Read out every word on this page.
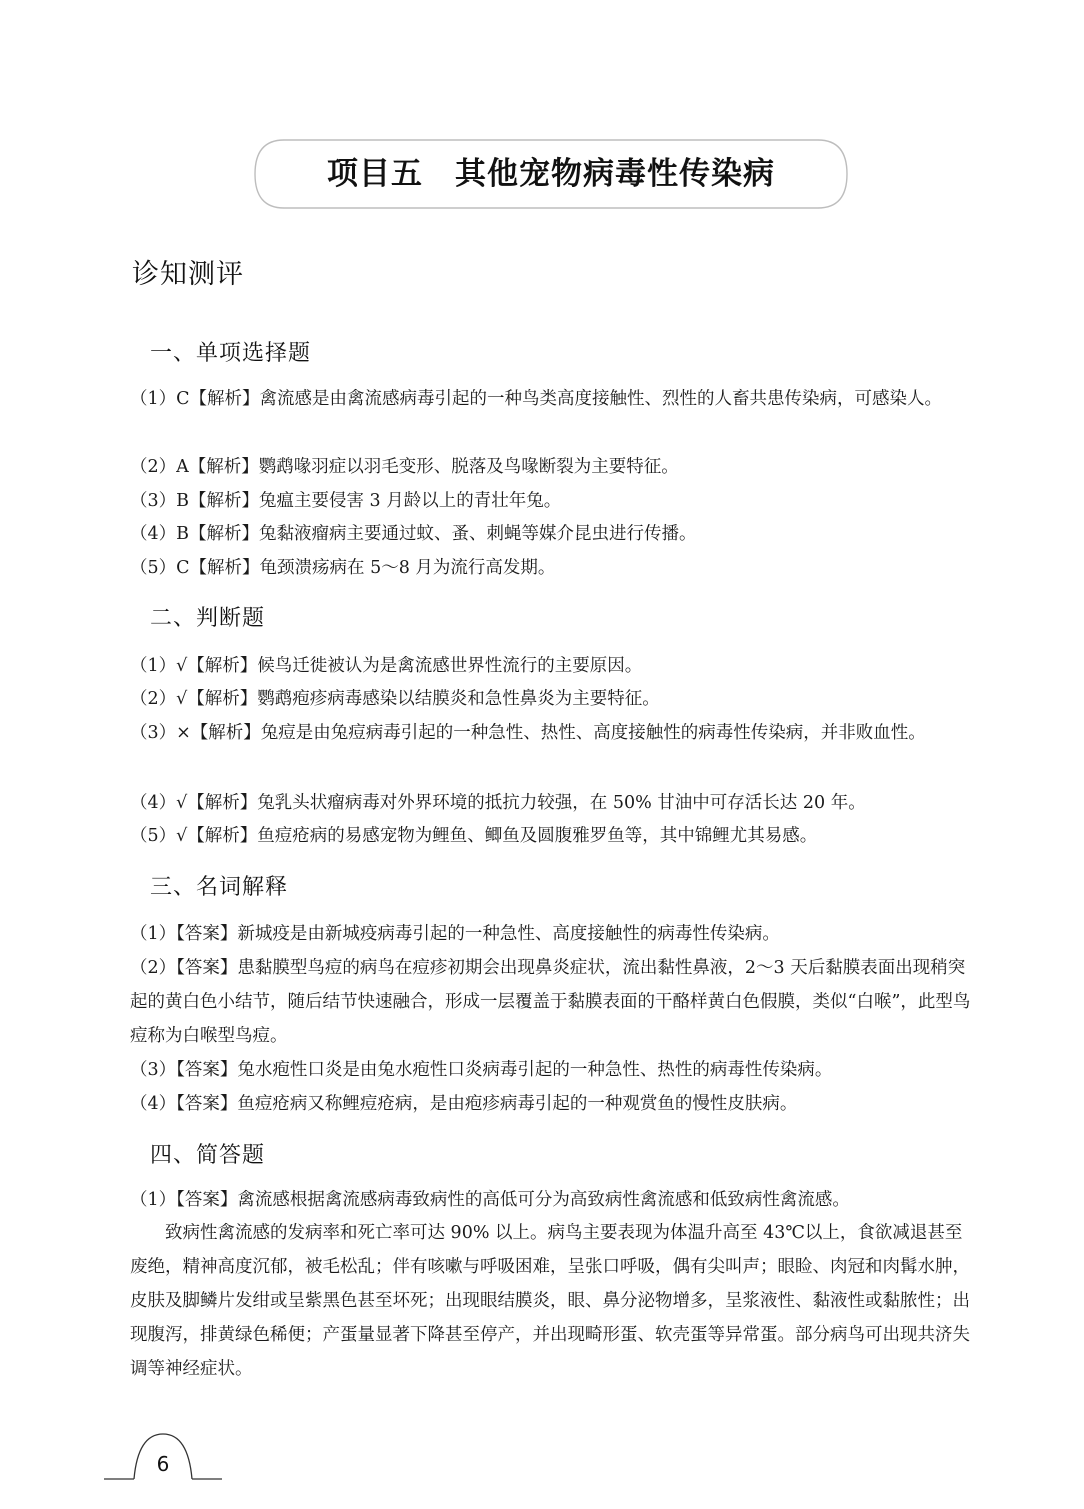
项目五　其他宠物病毒性传染病
诊知测评
一、单项选择题
（1）C【解析】禽流感是由禽流感病毒引起的一种鸟类高度接触性、烈性的人畜共患传染病，可感染人。
（2）A【解析】鹦鹉喙羽症以羽毛变形、脱落及鸟喙断裂为主要特征。
（3）B【解析】兔瘟主要侵害 3 月龄以上的青壮年兔。
（4）B【解析】兔黏液瘤病主要通过蚊、蚤、刺蝇等媒介昆虫进行传播。
（5）C【解析】龟颈溃疡病在 5～8 月为流行高发期。
二、判断题
（1）√【解析】候鸟迁徙被认为是禽流感世界性流行的主要原因。
（2）√【解析】鹦鹉疱疹病毒感染以结膜炎和急性鼻炎为主要特征。
（3）×【解析】兔痘是由兔痘病毒引起的一种急性、热性、高度接触性的病毒性传染病，并非败血性。
（4）√【解析】兔乳头状瘤病毒对外界环境的抵抗力较强，在 50% 甘油中可存活长达 20 年。
（5）√【解析】鱼痘疮病的易感宠物为鲤鱼、鲫鱼及圆腹雅罗鱼等，其中锦鲤尤其易感。
三、名词解释
（1）【答案】新城疫是由新城疫病毒引起的一种急性、高度接触性的病毒性传染病。
（2）【答案】患黏膜型鸟痘的病鸟在痘疹初期会出现鼻炎症状，流出黏性鼻液，2～3 天后黏膜表面出现稍突起的黄白色小结节，随后结节快速融合，形成一层覆盖于黏膜表面的干酪样黄白色假膜，类似“白喉”，此型鸟痘称为白喉型鸟痘。
（3）【答案】兔水疱性口炎是由兔水疱性口炎病毒引起的一种急性、热性的病毒性传染病。
（4）【答案】鱼痘疮病又称鲤痘疮病，是由疱疹病毒引起的一种观赏鱼的慢性皮肤病。
四、简答题
（1）【答案】禽流感根据禽流感病毒致病性的高低可分为高致病性禽流感和低致病性禽流感。
致病性禽流感的发病率和死亡率可达 90% 以上。病鸟主要表现为体温升高至 43℃以上，食欲减退甚至废绝，精神高度沉郁，被毛松乱；伴有咳嗽与呼吸困难，呈张口呼吸，偶有尖叫声；眼睑、肉冠和肉髯水肿，皮肤及脚鳞片发绀或呈紫黑色甚至坏死；出现眼结膜炎，眼、鼻分泌物增多，呈浆液性、黏液性或黏脓性；出现腹泻，排黄绿色稀便；产蛋量显著下降甚至停产，并出现畸形蛋、软壳蛋等异常蛋。部分病鸟可出现共济失调等神经症状。
6
